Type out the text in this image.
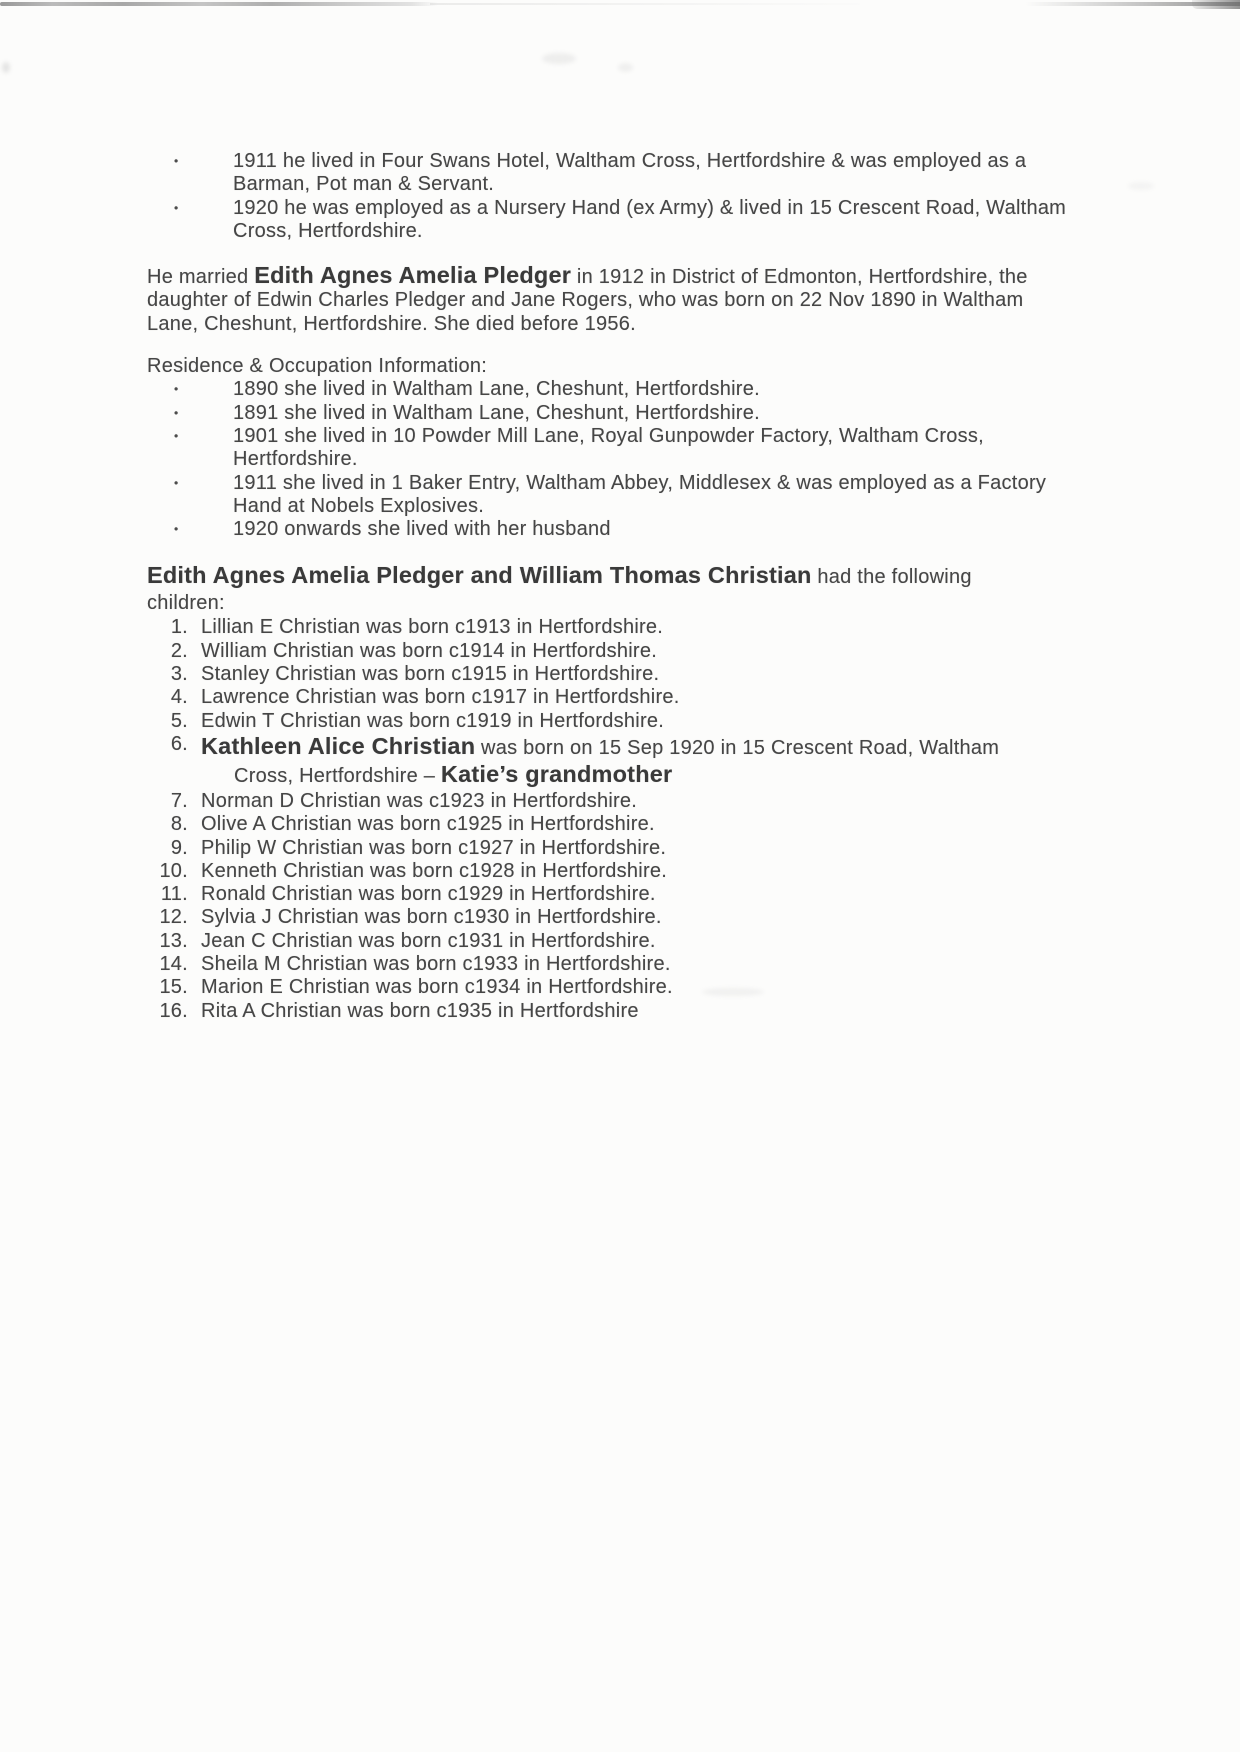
•	1911 he lived in Four Swans Hotel, Waltham Cross, Hertfordshire & was employed as a
Barman, Pot man & Servant.
•	1920 he was employed as a Nursery Hand (ex Army) & lived in 15 Crescent Road, Waltham
Cross, Hertfordshire.
He married Edith Agnes Amelia Pledger in 1912 in District of Edmonton, Hertfordshire, the
daughter of Edwin Charles Pledger and Jane Rogers, who was born on 22 Nov 1890 in Waltham
Lane, Cheshunt, Hertfordshire. She died before 1956.
Residence & Occupation Information:
•	1890 she lived in Waltham Lane, Cheshunt, Hertfordshire.
•	1891 she lived in Waltham Lane, Cheshunt, Hertfordshire.
•	1901 she lived in 10 Powder Mill Lane, Royal Gunpowder Factory, Waltham Cross,
Hertfordshire.
•	1911 she lived in 1 Baker Entry, Waltham Abbey, Middlesex & was employed as a Factory
Hand at Nobels Explosives.
•	1920 onwards she lived with her husband
Edith Agnes Amelia Pledger and William Thomas Christian had the following
children:
1. Lillian E Christian was born c1913 in Hertfordshire.
2. William Christian was born c1914 in Hertfordshire.
3. Stanley Christian was born c1915 in Hertfordshire.
4. Lawrence Christian was born c1917 in Hertfordshire.
5. Edwin T Christian was born c1919 in Hertfordshire.
6. Kathleen Alice Christian was born on 15 Sep 1920 in 15 Crescent Road, Waltham
Cross, Hertfordshire – Katie’s grandmother
7. Norman D Christian was c1923 in Hertfordshire.
8. Olive A Christian was born c1925 in Hertfordshire.
9. Philip W Christian was born c1927 in Hertfordshire.
10. Kenneth Christian was born c1928 in Hertfordshire.
11. Ronald Christian was born c1929 in Hertfordshire.
12. Sylvia J Christian was born c1930 in Hertfordshire.
13. Jean C Christian was born c1931 in Hertfordshire.
14. Sheila M Christian was born c1933 in Hertfordshire.
15. Marion E Christian was born c1934 in Hertfordshire.
16. Rita A Christian was born c1935 in Hertfordshire
